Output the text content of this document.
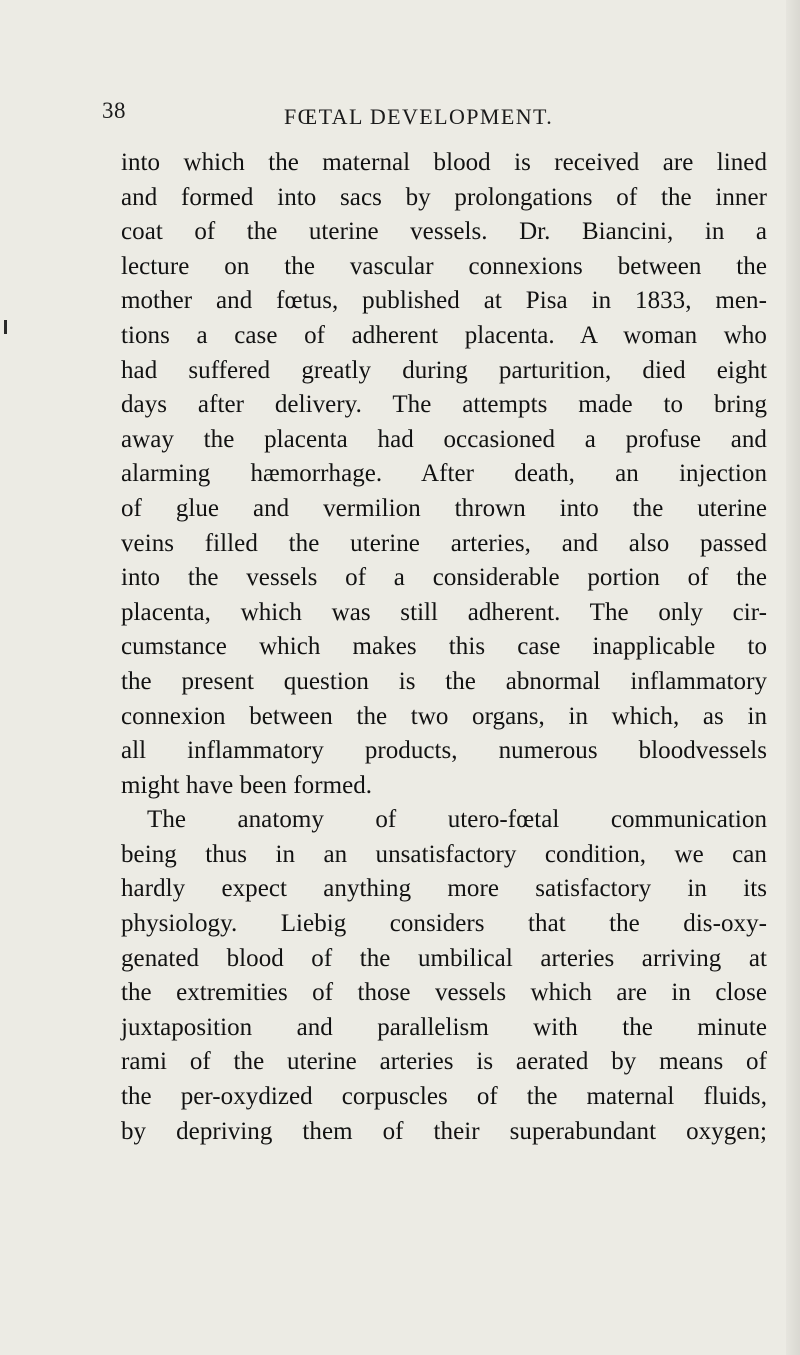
38	FŒTAL DEVELOPMENT.
into which the maternal blood is received are lined
and formed into sacs by prolongations of the inner
coat of the uterine vessels. Dr. Biancini, in a
lecture on the vascular connexions between the
mother and fœtus, published at Pisa in 1833, men-
tions a case of adherent placenta. A woman who
had suffered greatly during parturition, died eight
days after delivery. The attempts made to bring
away the placenta had occasioned a profuse and
alarming hæmorrhage. After death, an injection
of glue and vermilion thrown into the uterine
veins filled the uterine arteries, and also passed
into the vessels of a considerable portion of the
placenta, which was still adherent. The only cir-
cumstance which makes this case inapplicable to
the present question is the abnormal inflammatory
connexion between the two organs, in which, as in
all inflammatory products, numerous bloodvessels
might have been formed.
The anatomy of utero-fœtal communication
being thus in an unsatisfactory condition, we can
hardly expect anything more satisfactory in its
physiology. Liebig considers that the dis-oxy-
genated blood of the umbilical arteries arriving at
the extremities of those vessels which are in close
juxtaposition and parallelism with the minute
rami of the uterine arteries is aerated by means of
the per-oxydized corpuscles of the maternal fluids,
by depriving them of their superabundant oxygen;
